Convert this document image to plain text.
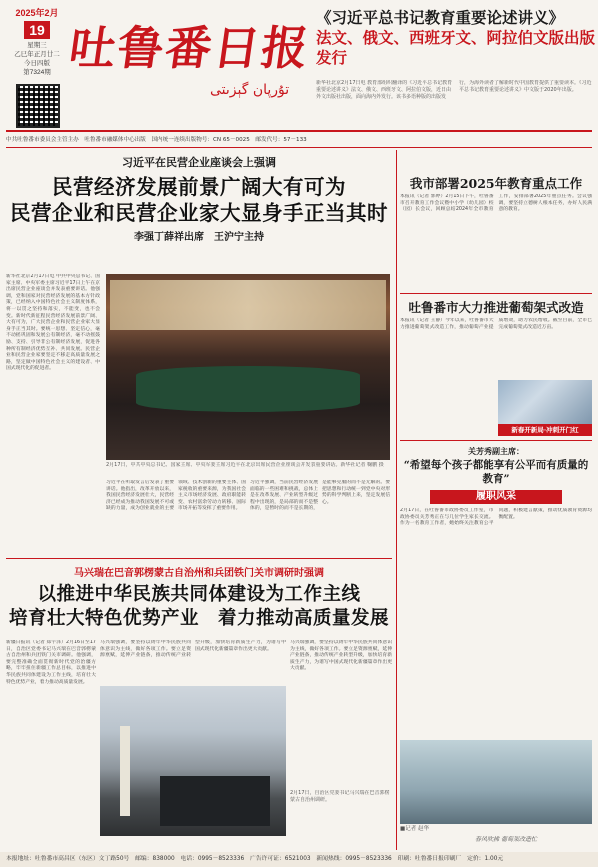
2025年2月
19
星期三
乙巳年正月廿二
今日四版
第7324期 吐鲁番日报
تۇرپان گېزىتى
《习近平总书记教育重要论述讲义》
法文、俄文、西班牙文、阿拉伯文版出版发行
新华社北京2月17日电 教育部组织翻译的《习近平总书记教育重要论述讲义》法文、俄文、西班牙文、阿拉伯文版，近日由外文出版社出版，面向海内外发行。该书多语种版的出版发行，为海外读者了解新时代中国教育提供了重要读本。《习近平总书记教育重要论述讲义》中文版于2020年出版。
中共吐鲁番市委员会主管主办　吐鲁番市融媒体中心出版　国内统一连续出版物号：CN 65－0025　邮发代号：57－133
习近平在民营企业座谈会上强调
民营经济发展前景广阔大有可为
民营企业和民营企业家大显身手正当其时
李强丁薛祥出席　王沪宁主持
新华社北京2月17日电 中共中央总书记、国家主席、中央军委主席习近平17日上午在京出席民营企业座谈会并发表重要讲话。他强调，党和国家对民营经济发展的基本方针政策，已经纳入中国特色社会主义制度体系，将一以贯之坚持和落实，不能变，也不会变。新时代新征程民营经济发展前景广阔、大有可为，广大民营企业和民营企业家大显身手正当其时。要统一思想、坚定信心，毫不动摇巩固和发展公有制经济，毫不动摇鼓励、支持、引导非公有制经济发展，促进各种所有制经济优势互补、共同发展。民营企业和民营企业家要坚定不移走高质量发展之路，坚定做中国特色社会主义的建设者、中国式现代化的促进者。
2月17日，中共中央总书记、国家主席、中央军委主席习近平在北京出席民营企业座谈会并发表重要讲话。新华社记者 鞠鹏 摄
习近平在听取发言后发表了重要讲话。他指出，改革开放以来，我国民营经济发展壮大，民营经济已经成为推动我国发展不可或缺的力量，成为创业就业的主要领域、技术创新的重要主体、国家税收的重要来源，为我国社会主义市场经济发展、政府职能转变、农村富余劳动力转移、国际市场开拓等发挥了重要作用。
习近平强调，当前民营经济发展面临的一些困难和挑战，总体上是在改革发展、产业转型升级过程中出现的，是局部的而不是整体的，是暂时的而不是长期的，是能够克服的而不是无解的。要把思想和行动统一到党中央对形势的科学判断上来，坚定发展信心。
马兴瑞在巴音郭楞蒙古自治州和兵团铁门关市调研时强调
以推进中华民族共同体建设为工作主线
培育壮大特色优势产业　着力推动高质量发展
新疆日报讯（记者 郑宇泽）2月16日至17日，自治区党委书记马兴瑞在巴音郭楞蒙古自治州和兵团铁门关市调研。他强调，要完整准确全面贯彻新时代党的治疆方略，牢牢扭住新疆工作总目标，以推进中华民族共同体建设为工作主线，培育壮大特色优势产业，着力推动高质量发展。
马兴瑞强调，要坚持以铸牢中华民族共同体意识为主线，做好各项工作。要立足资源禀赋，延伸产业链条，推动传统产业转型升级，加快培育新质生产力，为谱写中国式现代化新疆篇章作出更大贡献。
2月17日，自治区党委书记马兴瑞在巴音郭楞蒙古自治州调研。
马兴瑞强调，要坚持以铸牢中华民族共同体意识为主线，做好各项工作。要立足资源禀赋，延伸产业链条，推动传统产业转型升级，加快培育新质生产力，为谱写中国式现代化新疆篇章作出更大贡献。
我市部署2025年教育重点工作
本报讯（记者 郭婷）2月15日下午，吐鲁番市召开教育工作会议暨中小学（幼儿园）校（园）长会议，回顾总结2024年全市教育工作，安排部署2025年重点任务。会议强调，要坚持立德树人根本任务，办好人民满意的教育。
吐鲁番市大力推进葡萄架式改造
本报讯（记者 王静）今年以来，吐鲁番市大力推进葡萄架式改造工作，推动葡萄产业提质增效，助力农民增收。截至目前，全市已完成葡萄架式改造近万亩。
新春开新局·冲刺开门红
关芳秀副主席：
“希望每个孩子都能享有公平而有质量的教育”
履职风采
2月17日，在吐鲁番市政协委员工作室，市政协委员关芳秀正在与几位学生家长交流。作为一名教育工作者，她始终关注教育公平问题，积极建言献策，推动优质教育资源均衡配置。
■记者 赵华
春风吹拂 葡萄架改造忙
本报地址：吐鲁番市高昌区（东区）文丁路50号　邮编：838000　电话：0995－8523336　广告许可证：6521003　新闻热线：0995－8523336　印刷：吐鲁番日报印刷厂　定价：1.00元
